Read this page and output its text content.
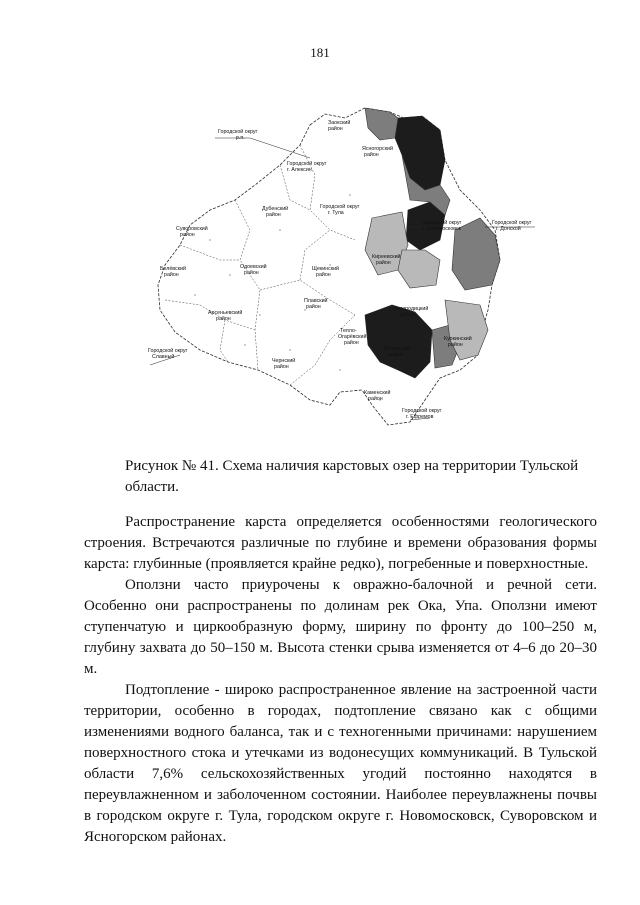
181
Заокский район
Городской округ р.п.
Ясногорский район
Городской округ г. Алексин
Городской округ г. Тула
Дубенский район
Суворовский район
Городской округ г. Новомосковск
Городской округ г. Донской
Белёвский район
Одоевский район
Щекинский район
Киреевский район
Арсеньевский район
Плавский район	Богородицкий район
Городской округ Славный
Тепло-Огарёвский район
Воловский район
Куркинский район
Чернский район
Каменский район
Городской округ г. Ефремов
Рисунок № 41. Схема наличия карстовых озер на территории Тульской области.

Распространение карста определяется особенностями геологического строения. Встречаются различные по глубине и времени образования формы карста: глубинные (проявляется крайне редко), погребенные и поверхностные.

Оползни часто приурочены к овражно-балочной и речной сети. Особенно они распространены по долинам рек Ока, Упа. Оползни имеют ступенчатую и циркообразную форму, ширину по фронту до 100–250 м, глубину захвата до 50–150 м. Высота стенки срыва изменяется от 4–6 до 20–30 м.

Подтопление - широко распространенное явление на застроенной части территории, особенно в городах, подтопление связано как с общими изменениями водного баланса, так и с техногенными причинами: нарушением поверхностного стока и утечками из водонесущих коммуникаций. В Тульской области 7,6% сельскохозяйственных угодий постоянно находятся в переувлажненном и заболоченном состоянии. Наиболее переувлажнены почвы в городском округе г. Тула, городском округе г. Новомосковск, Суворовском и Ясногорском районах.
